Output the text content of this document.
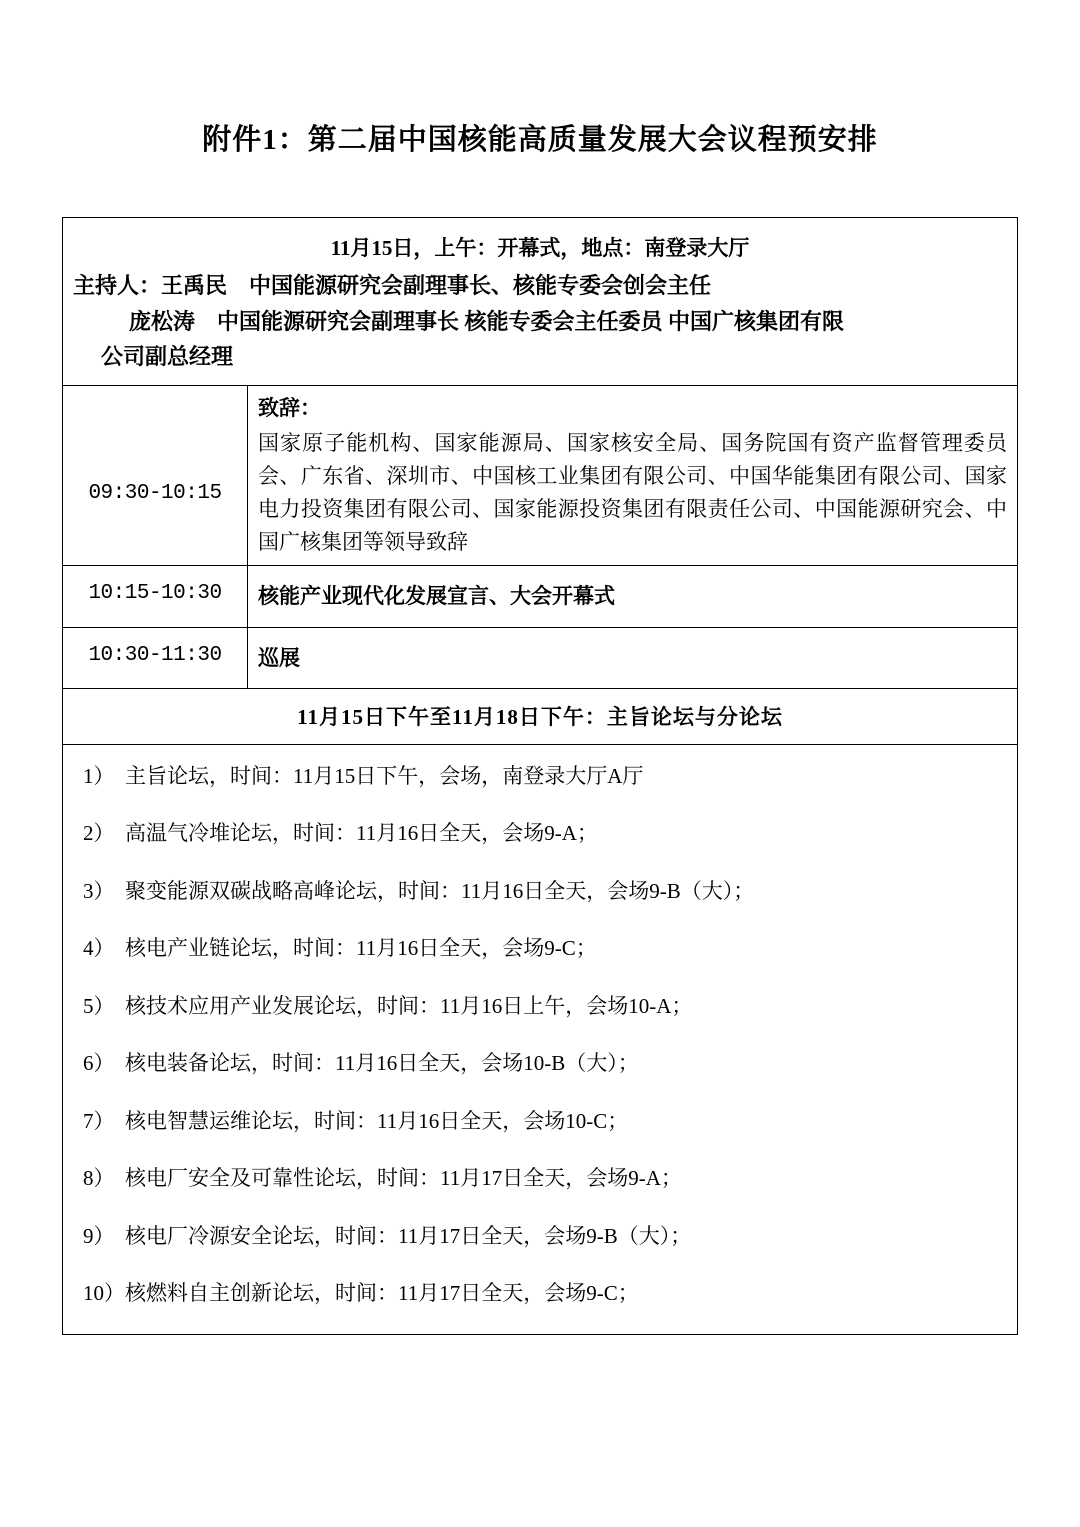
附件1：第二届中国核能高质量发展大会议程预安排
11月15日，上午：开幕式，地点：南登录大厅
主持人：王禹民　中国能源研究会副理事长、核能专委会创会主任
庞松涛　中国能源研究会副理事长 核能专委会主任委员 中国广核集团有限
公司副总经理	

09:30-10:15	致辞：
国家原子能机构、国家能源局、国家核安全局、国务院国有资产监督管理委员会、广东省、深圳市、中国核工业集团有限公司、中国华能集团有限公司、国家电力投资集团有限公司、国家能源投资集团有限责任公司、中国能源研究会、中国广核集团等领导致辞

10:15-10:30	核能产业现代化发展宣言、大会开幕式
10:30-11:30	巡展
11月15日下午至11月18日下午：主旨论坛与分论坛	

1） 主旨论坛，时间：11月15日下午，会场，南登录大厅A厅
2） 高温气冷堆论坛，时间：11月16日全天，会场9-A；
3） 聚变能源双碳战略高峰论坛，时间：11月16日全天，会场9-B（大）；
4） 核电产业链论坛，时间：11月16日全天，会场9-C；
5） 核技术应用产业发展论坛，时间：11月16日上午，会场10-A；
6） 核电装备论坛，时间：11月16日全天，会场10-B（大）；
7） 核电智慧运维论坛，时间：11月16日全天，会场10-C；
8） 核电厂安全及可靠性论坛，时间：11月17日全天，会场9-A；
9） 核电厂冷源安全论坛，时间：11月17日全天，会场9-B（大）；
10） 核燃料自主创新论坛，时间：11月17日全天，会场9-C；
